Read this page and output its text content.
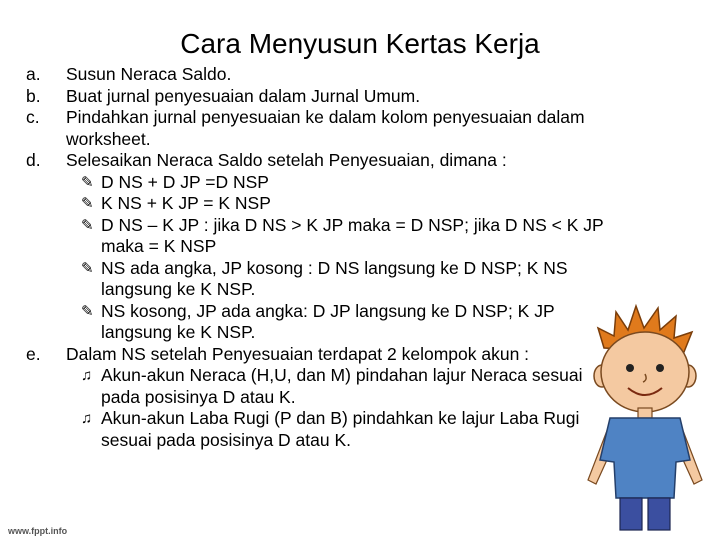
Cara Menyusun Kertas Kerja
a.	Susun Neraca Saldo.
b.	Buat jurnal penyesuaian dalam Jurnal Umum.
c.	Pindahkan jurnal penyesuaian ke dalam kolom penyesuaian dalam worksheet.
d.	Selesaikan Neraca Saldo setelah Penyesuaian, dimana :
✎ D NS + D JP =D NSP
✎ K NS + K JP = K NSP
✎ D NS – K JP : jika D NS > K JP maka = D NSP; jika D NS < K JP maka = K NSP
✎ NS ada angka, JP kosong : D NS langsung ke D NSP; K NS langsung ke K NSP.
✎ NS kosong, JP ada angka: D JP langsung ke D NSP; K JP langsung ke K NSP.
e.	Dalam NS setelah Penyesuaian terdapat 2 kelompok akun :
♫ Akun-akun Neraca (H,U, dan M) pindahan lajur Neraca sesuai pada posisinya D atau K.
♫ Akun-akun Laba Rugi (P dan B) pindahkan ke lajur Laba Rugi sesuai pada posisinya D atau K.
www.fppt.info
